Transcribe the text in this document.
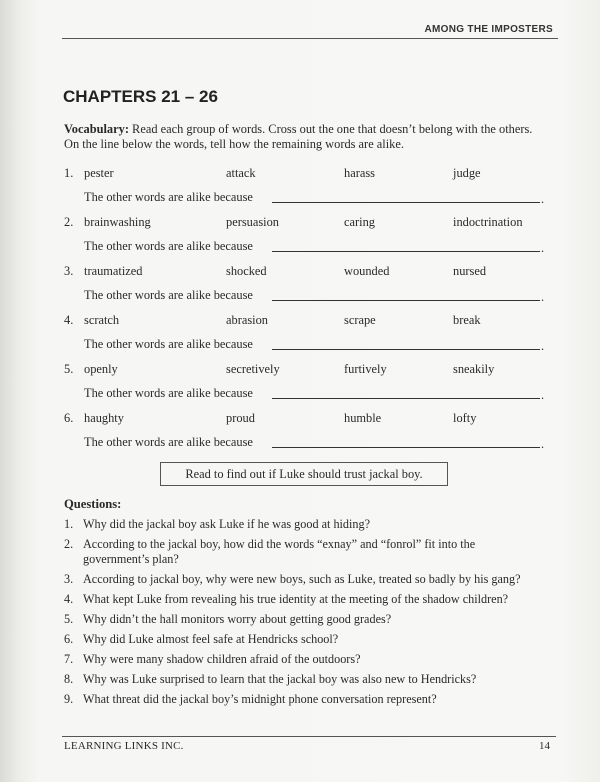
AMONG THE IMPOSTERS
CHAPTERS 21 – 26
Vocabulary: Read each group of words. Cross out the one that doesn’t belong with the others. On the line below the words, tell how the remaining words are alike.
1. pester	attack	harass	judge
The other words are alike because	.
2. brainwashing	persuasion	caring	indoctrination
The other words are alike because	.
3. traumatized	shocked	wounded	nursed
The other words are alike because	.
4. scratch	abrasion	scrape	break
The other words are alike because	.
5. openly	secretively	furtively	sneakily
The other words are alike because	.
6. haughty	proud	humble	lofty
The other words are alike because	.
Read to find out if Luke should trust jackal boy.
Questions:
1. Why did the jackal boy ask Luke if he was good at hiding?
2. According to the jackal boy, how did the words “exnay” and “fonrol” fit into the government’s plan?
3. According to jackal boy, why were new boys, such as Luke, treated so badly by his gang?
4. What kept Luke from revealing his true identity at the meeting of the shadow children?
5. Why didn’t the hall monitors worry about getting good grades?
6. Why did Luke almost feel safe at Hendricks school?
7. Why were many shadow children afraid of the outdoors?
8. Why was Luke surprised to learn that the jackal boy was also new to Hendricks?
9. What threat did the jackal boy’s midnight phone conversation represent?
LEARNING LINKS INC.	14
